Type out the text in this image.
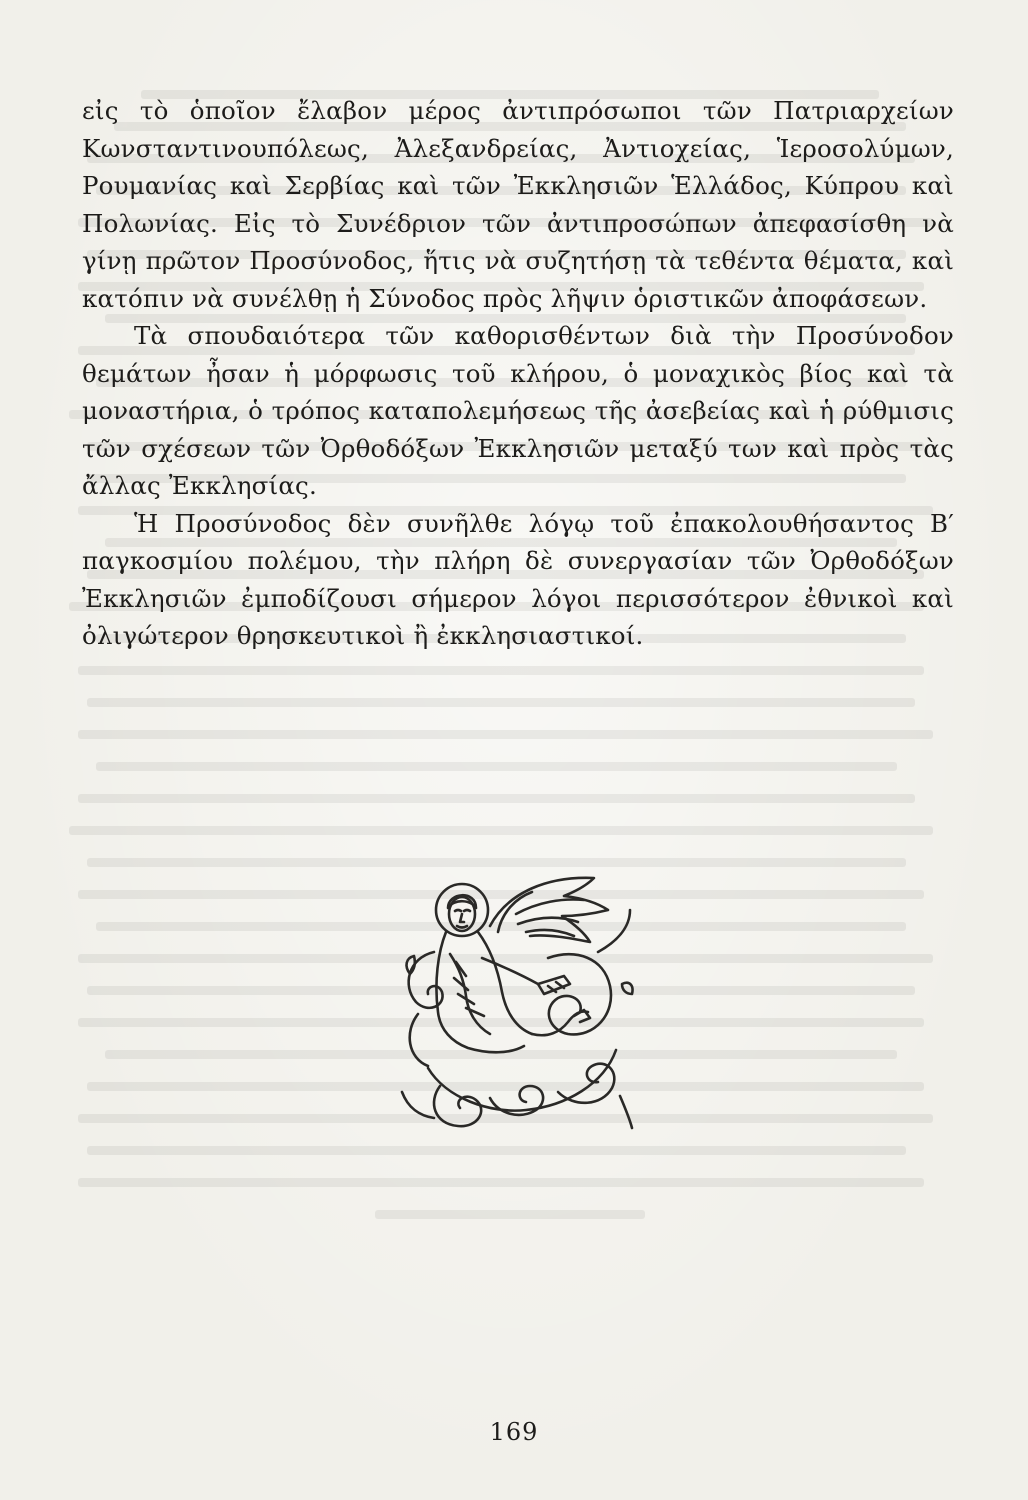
εἰς τὸ ὁποῖον ἔλαβον μέρος ἀντιπρόσωποι τῶν Πατριαρχείων Κωνσταντινουπόλεως, Ἀλεξανδρείας, Ἀντιοχείας, Ἱεροσολύμων, Ρουμανίας καὶ Σερβίας καὶ τῶν Ἐκκλησιῶν Ἑλλάδος, Κύπρου καὶ Πολωνίας. Εἰς τὸ Συνέδριον τῶν ἀντιπροσώπων ἀπεφασίσθη νὰ γίνῃ πρῶτον Προσύνοδος, ἥτις νὰ συζητήσῃ τὰ τεθέντα θέματα, καὶ κατόπιν νὰ συνέλθῃ ἡ Σύνοδος πρὸς λῆψιν ὁριστικῶν ἀποφάσεων.

Τὰ σπουδαιότερα τῶν καθορισθέντων διὰ τὴν Προσύνοδον θεμάτων ἦσαν ἡ μόρφωσις τοῦ κλήρου, ὁ μοναχικὸς βίος καὶ τὰ μοναστήρια, ὁ τρόπος καταπολεμήσεως τῆς ἀσεβείας καὶ ἡ ρύθμισις τῶν σχέσεων τῶν Ὀρθοδόξων Ἐκκλησιῶν μεταξύ των καὶ πρὸς τὰς ἄλλας Ἐκκλησίας.

Ἡ Προσύνοδος δὲν συνῆλθε λόγῳ τοῦ ἐπακολουθήσαντος Β′ παγκοσμίου πολέμου, τὴν πλήρη δὲ συνεργασίαν τῶν Ὀρθοδόξων Ἐκκλησιῶν ἐμποδίζουσι σήμερον λόγοι περισσότερον ἐθνικοὶ καὶ ὀλιγώτερον θρησκευτικοὶ ἢ ἐκκλησιαστικοί.

169
